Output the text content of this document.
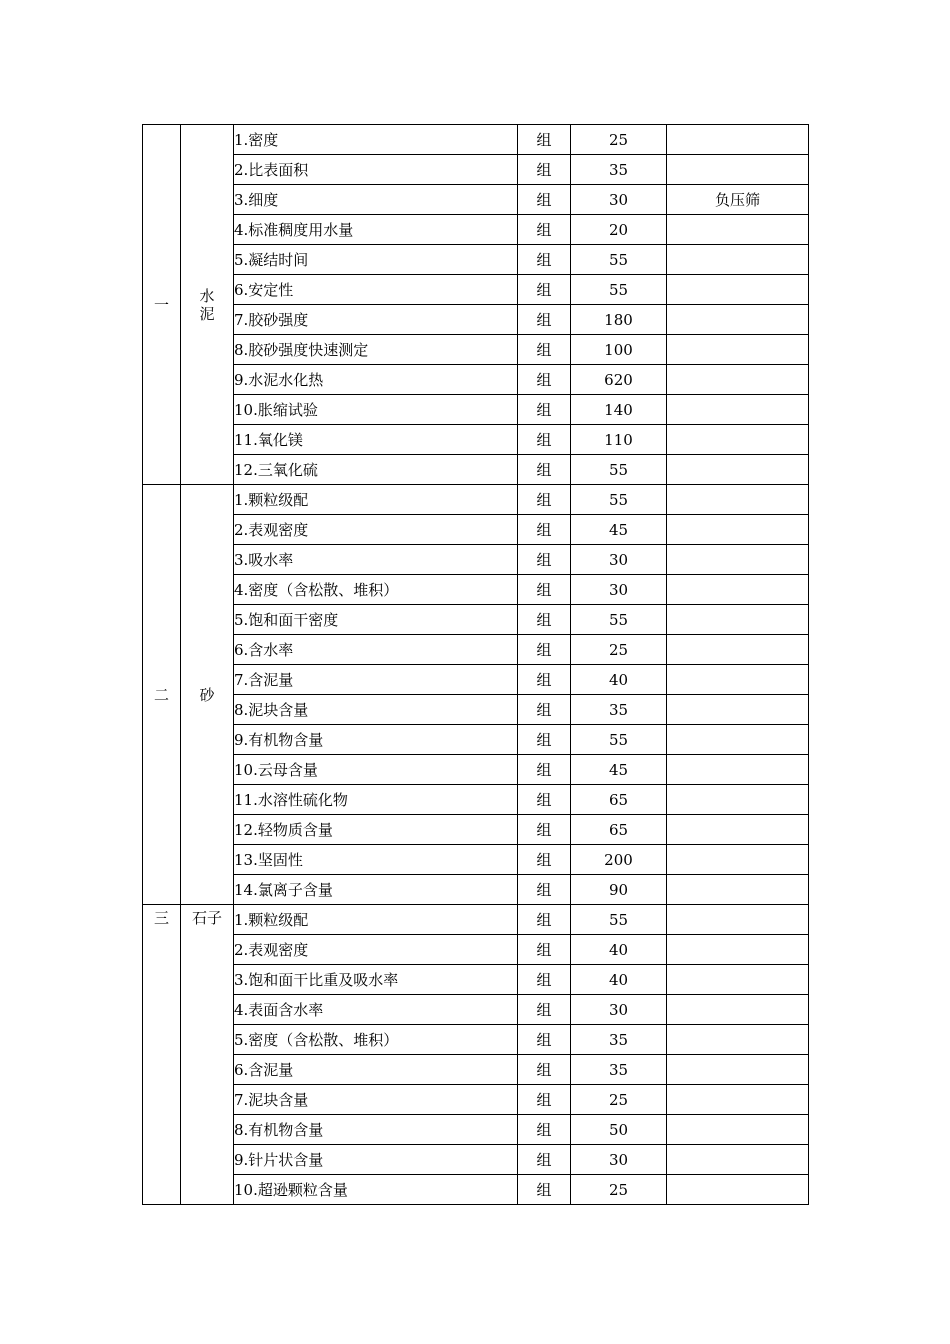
一	水泥	1.密度	组	25	
		2.比表面积	组	35	
		3.细度	组	30	负压筛
		4.标准稠度用水量	组	20	
		5.凝结时间	组	55	
		6.安定性	组	55	
		7.胶砂强度	组	180	
		8.胶砂强度快速测定	组	100	
		9.水泥水化热	组	620	
		10.胀缩试验	组	140	
		11.氧化镁	组	110	
		12.三氧化硫	组	55	
二	砂	1.颗粒级配	组	55	
		2.表观密度	组	45	
		3.吸水率	组	30	
		4.密度（含松散、堆积）	组	30	
		5.饱和面干密度	组	55	
		6.含水率	组	25	
		7.含泥量	组	40	
		8.泥块含量	组	35	
		9.有机物含量	组	55	
		10.云母含量	组	45	
		11.水溶性硫化物	组	65	
		12.轻物质含量	组	65	
		13.坚固性	组	200	
		14.氯离子含量	组	90	
三	石子	1.颗粒级配	组	55	
		2.表观密度	组	40	
		3.饱和面干比重及吸水率	组	40	
		4.表面含水率	组	30	
		5.密度（含松散、堆积）	组	35	
		6.含泥量	组	35	
		7.泥块含量	组	25	
		8.有机物含量	组	50	
		9.针片状含量	组	30	
		10.超逊颗粒含量	组	25	
